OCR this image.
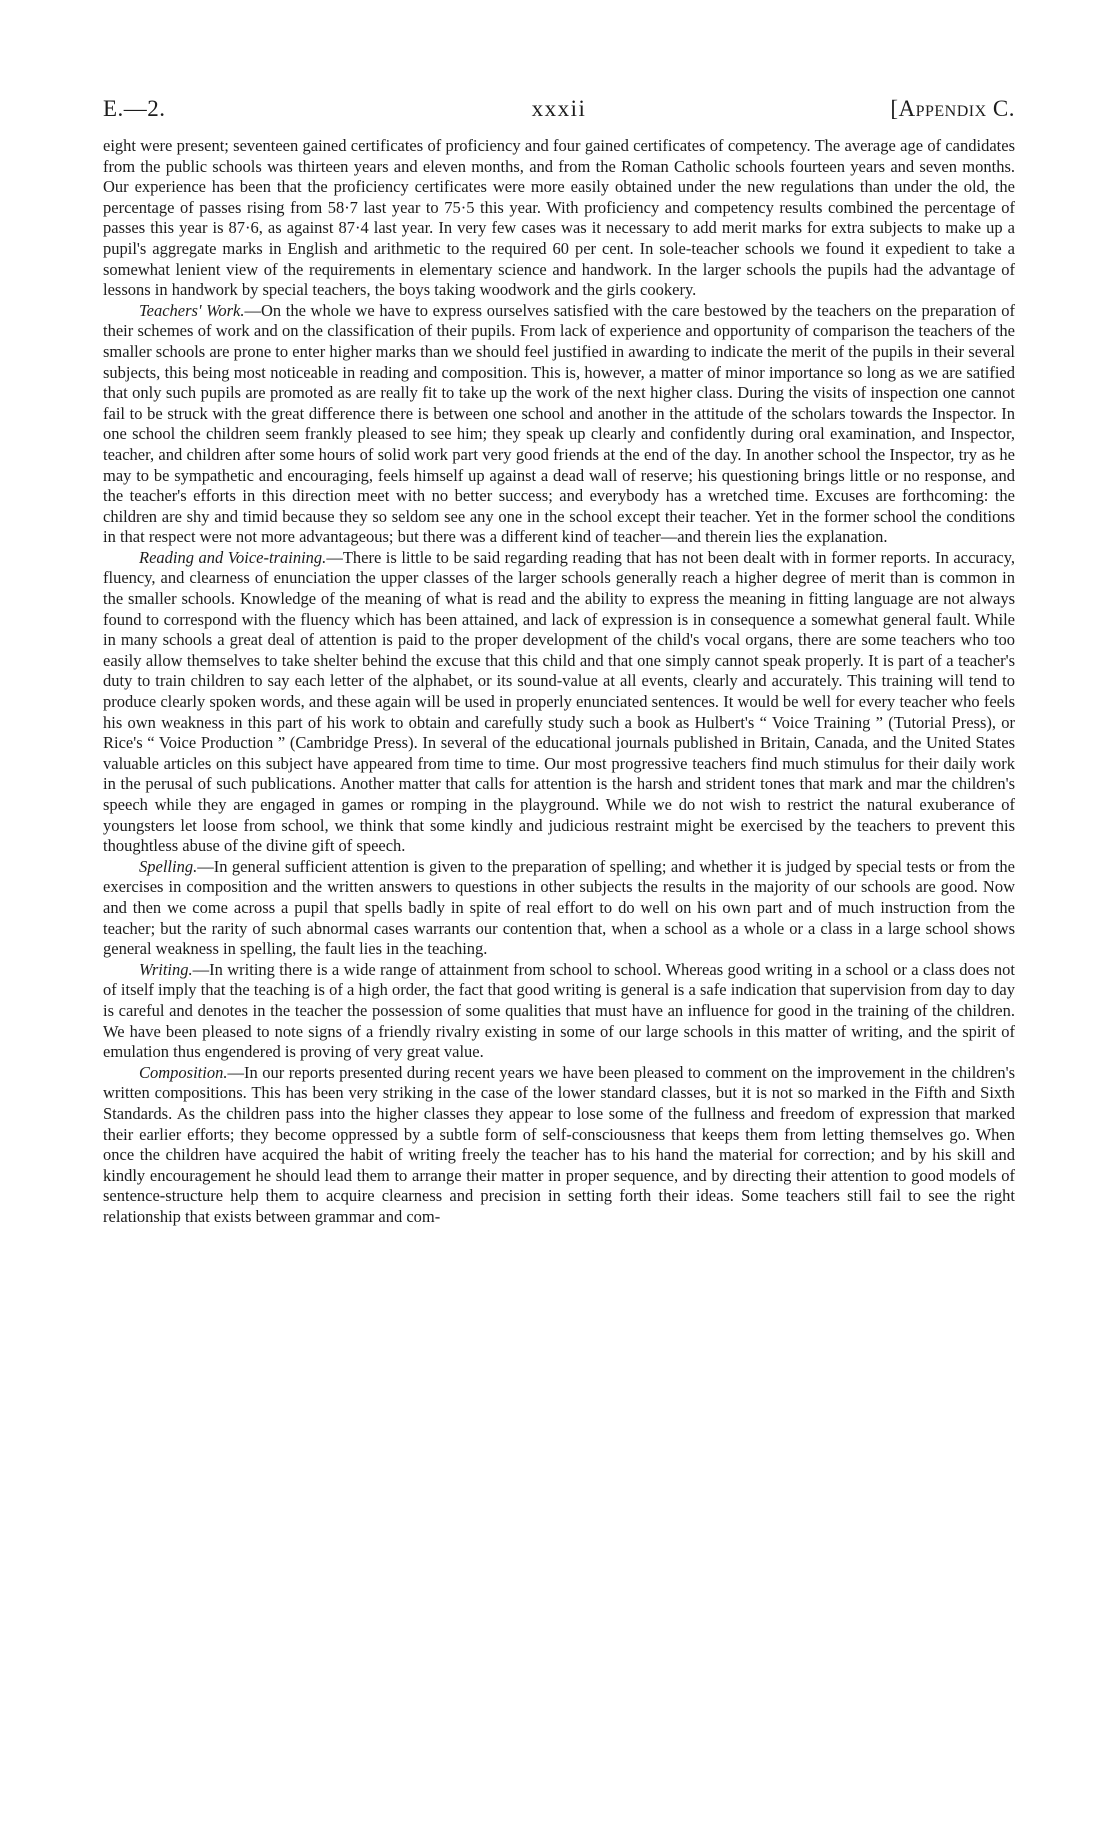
E.—2.	xxxii	[Appendix C.

eight were present; seventeen gained certificates of proficiency and four gained certificates of competency. The average age of candidates from the public schools was thirteen years and eleven months, and from the Roman Catholic schools fourteen years and seven months. Our experience has been that the proficiency certificates were more easily obtained under the new regulations than under the old, the percentage of passes rising from 58·7 last year to 75·5 this year. With proficiency and competency results combined the percentage of passes this year is 87·6, as against 87·4 last year. In very few cases was it necessary to add merit marks for extra subjects to make up a pupil's aggregate marks in English and arithmetic to the required 60 per cent. In sole-teacher schools we found it expedient to take a somewhat lenient view of the requirements in elementary science and handwork. In the larger schools the pupils had the advantage of lessons in handwork by special teachers, the boys taking woodwork and the girls cookery.

Teachers' Work.—On the whole we have to express ourselves satisfied with the care bestowed by the teachers on the preparation of their schemes of work and on the classification of their pupils. From lack of experience and opportunity of comparison the teachers of the smaller schools are prone to enter higher marks than we should feel justified in awarding to indicate the merit of the pupils in their several subjects, this being most noticeable in reading and composition. This is, however, a matter of minor importance so long as we are satified that only such pupils are promoted as are really fit to take up the work of the next higher class. During the visits of inspection one cannot fail to be struck with the great difference there is between one school and another in the attitude of the scholars towards the Inspector. In one school the children seem frankly pleased to see him; they speak up clearly and confidently during oral examination, and Inspector, teacher, and children after some hours of solid work part very good friends at the end of the day. In another school the Inspector, try as he may to be sympathetic and encouraging, feels himself up against a dead wall of reserve; his questioning brings little or no response, and the teacher's efforts in this direction meet with no better success; and everybody has a wretched time. Excuses are forthcoming: the children are shy and timid because they so seldom see any one in the school except their teacher. Yet in the former school the conditions in that respect were not more advantageous; but there was a different kind of teacher—and therein lies the explanation.

Reading and Voice-training.—There is little to be said regarding reading that has not been dealt with in former reports. In accuracy, fluency, and clearness of enunciation the upper classes of the larger schools generally reach a higher degree of merit than is common in the smaller schools. Knowledge of the meaning of what is read and the ability to express the meaning in fitting language are not always found to correspond with the fluency which has been attained, and lack of expression is in consequence a somewhat general fault. While in many schools a great deal of attention is paid to the proper development of the child's vocal organs, there are some teachers who too easily allow themselves to take shelter behind the excuse that this child and that one simply cannot speak properly. It is part of a teacher's duty to train children to say each letter of the alphabet, or its sound-value at all events, clearly and accurately. This training will tend to produce clearly spoken words, and these again will be used in properly enunciated sentences. It would be well for every teacher who feels his own weakness in this part of his work to obtain and carefully study such a book as Hulbert's “ Voice Training ” (Tutorial Press), or Rice's “ Voice Production ” (Cambridge Press). In several of the educational journals published in Britain, Canada, and the United States valuable articles on this subject have appeared from time to time. Our most progressive teachers find much stimulus for their daily work in the perusal of such publications. Another matter that calls for attention is the harsh and strident tones that mark and mar the children's speech while they are engaged in games or romping in the playground. While we do not wish to restrict the natural exuberance of youngsters let loose from school, we think that some kindly and judicious restraint might be exercised by the teachers to prevent this thoughtless abuse of the divine gift of speech.

Spelling.—In general sufficient attention is given to the preparation of spelling; and whether it is judged by special tests or from the exercises in composition and the written answers to questions in other subjects the results in the majority of our schools are good. Now and then we come across a pupil that spells badly in spite of real effort to do well on his own part and of much instruction from the teacher; but the rarity of such abnormal cases warrants our contention that, when a school as a whole or a class in a large school shows general weakness in spelling, the fault lies in the teaching.

Writing.—In writing there is a wide range of attainment from school to school. Whereas good writing in a school or a class does not of itself imply that the teaching is of a high order, the fact that good writing is general is a safe indication that supervision from day to day is careful and denotes in the teacher the possession of some qualities that must have an influence for good in the training of the children. We have been pleased to note signs of a friendly rivalry existing in some of our large schools in this matter of writing, and the spirit of emulation thus engendered is proving of very great value.

Composition.—In our reports presented during recent years we have been pleased to comment on the improvement in the children's written compositions. This has been very striking in the case of the lower standard classes, but it is not so marked in the Fifth and Sixth Standards. As the children pass into the higher classes they appear to lose some of the fullness and freedom of expression that marked their earlier efforts; they become oppressed by a subtle form of self-consciousness that keeps them from letting themselves go. When once the children have acquired the habit of writing freely the teacher has to his hand the material for correction; and by his skill and kindly encouragement he should lead them to arrange their matter in proper sequence, and by directing their attention to good models of sentence-structure help them to acquire clearness and precision in setting forth their ideas. Some teachers still fail to see the right relationship that exists between grammar and com-
